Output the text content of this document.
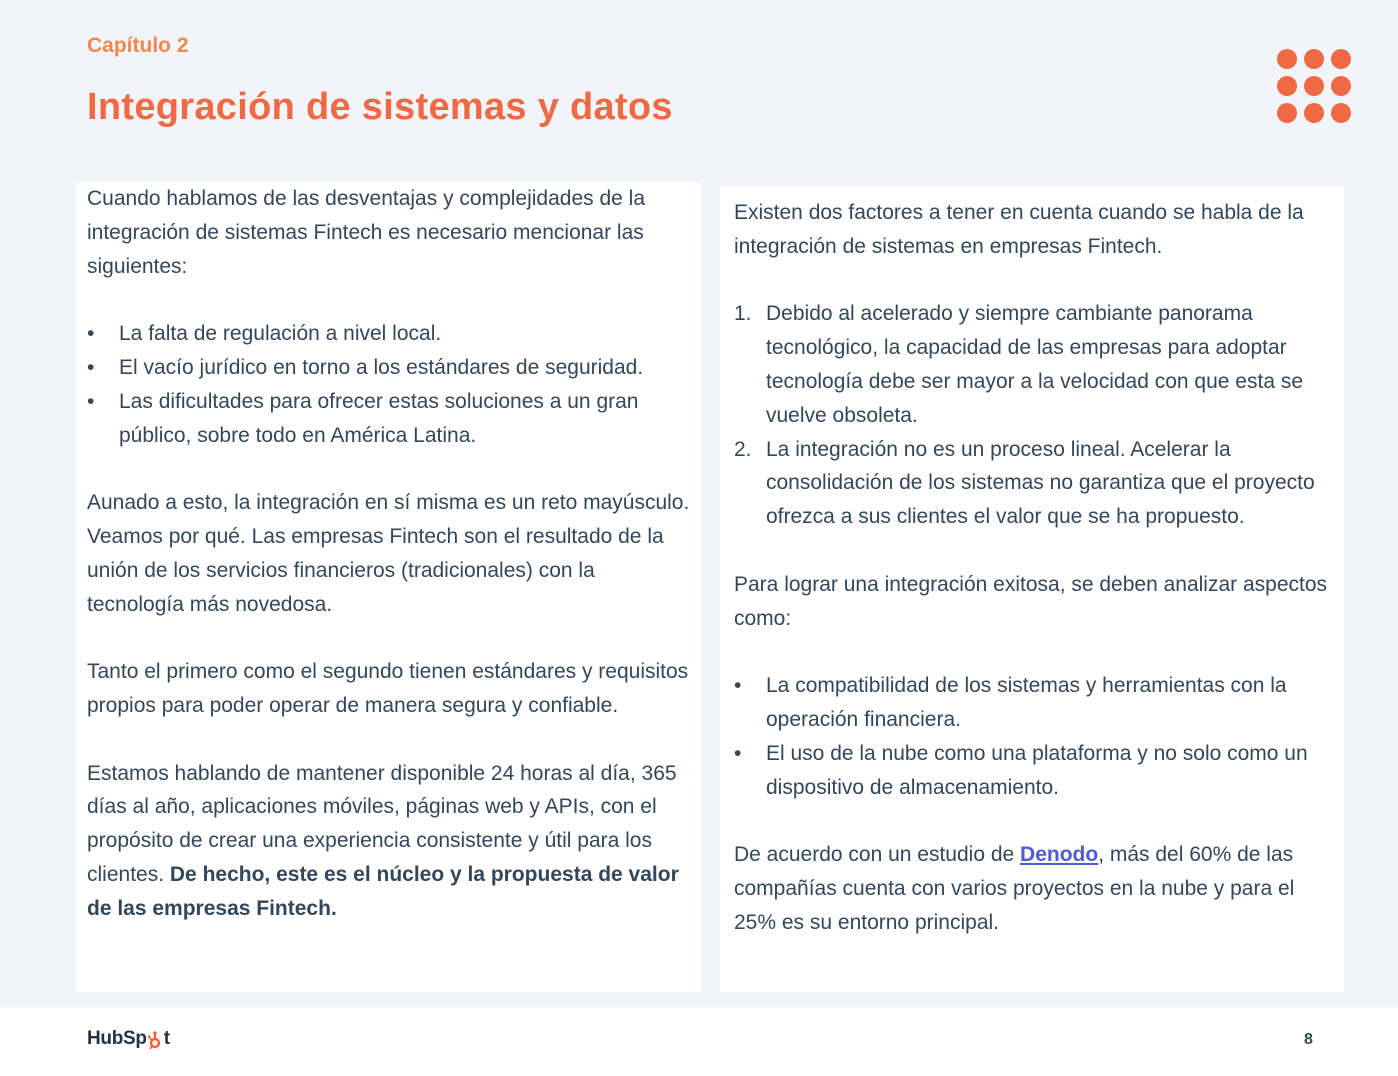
Capítulo 2
Integración de sistemas y datos

Cuando hablamos de las desventajas y complejidades de la integración de sistemas Fintech es necesario mencionar las siguientes:

• La falta de regulación a nivel local.
• El vacío jurídico en torno a los estándares de seguridad.
• Las dificultades para ofrecer estas soluciones a un gran público, sobre todo en América Latina.

Aunado a esto, la integración en sí misma es un reto mayúsculo. Veamos por qué. Las empresas Fintech son el resultado de la unión de los servicios financieros (tradicionales) con la tecnología más novedosa.

Tanto el primero como el segundo tienen estándares y requisitos propios para poder operar de manera segura y confiable.

Estamos hablando de mantener disponible 24 horas al día, 365 días al año, aplicaciones móviles, páginas web y APIs, con el propósito de crear una experiencia consistente y útil para los clientes. De hecho, este es el núcleo y la propuesta de valor de las empresas Fintech.

Existen dos factores a tener en cuenta cuando se habla de la integración de sistemas en empresas Fintech.

1. Debido al acelerado y siempre cambiante panorama tecnológico, la capacidad de las empresas para adoptar tecnología debe ser mayor a la velocidad con que esta se vuelve obsoleta.
2. La integración no es un proceso lineal. Acelerar la consolidación de los sistemas no garantiza que el proyecto ofrezca a sus clientes el valor que se ha propuesto.

Para lograr una integración exitosa, se deben analizar aspectos como:

• La compatibilidad de los sistemas y herramientas con la operación financiera.
• El uso de la nube como una plataforma y no solo como un dispositivo de almacenamiento.

De acuerdo con un estudio de Denodo, más del 60% de las compañías cuenta con varios proyectos en la nube y para el 25% es su entorno principal.

HubSp t	8
